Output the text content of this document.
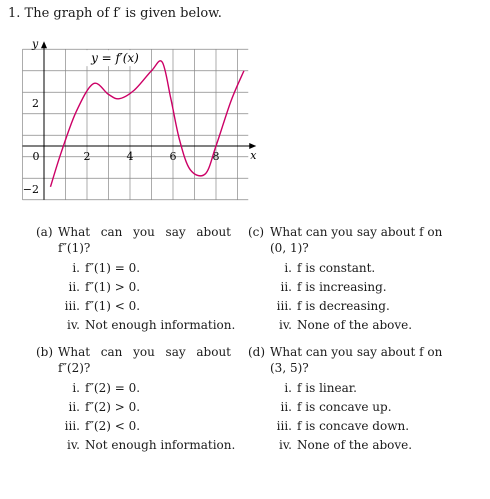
1. The graph of f′ is given below.
y
x
0	2	4	6	8
2
−2
y = f′(x)
(a) What can you say about
f″(1)?
i. f″(1) = 0.
ii. f″(1) > 0.
iii. f″(1) < 0.
iv. Not enough information.
(b) What can you say about
f″(2)?
i. f″(2) = 0.
ii. f″(2) > 0.
iii. f″(2) < 0.
iv. Not enough information.
(c) What can you say about f on
(0, 1)?
i. f is constant.
ii. f is increasing.
iii. f is decreasing.
iv. None of the above.
(d) What can you say about f on
(3, 5)?
i. f is linear.
ii. f is concave up.
iii. f is concave down.
iv. None of the above.
